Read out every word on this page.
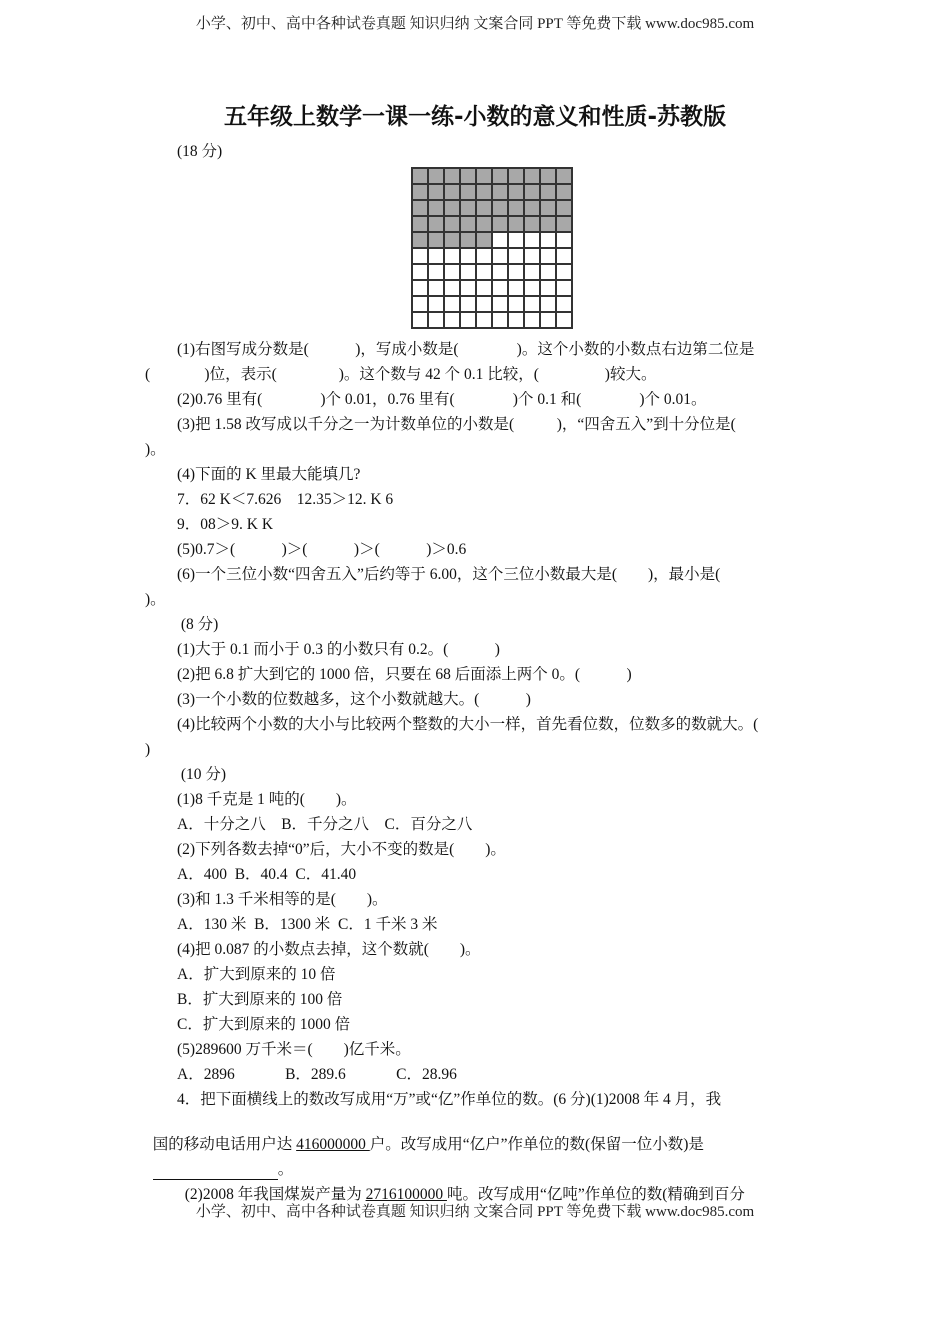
小学、初中、高中各种试卷真题 知识归纳 文案合同 PPT 等免费下载 www.doc985.com
五年级上数学一课一练-小数的意义和性质-苏教版
(18 分)
(1)右图写成分数是(            )，写成小数是(               )。这个小数的小数点右边第二位是
(              )位，表示(                )。这个数与 42 个 0.1 比较，(                 )较大。
(2)0.76 里有(               )个 0.01，0.76 里有(               )个 0.1 和(               )个 0.01。
(3)把 1.58 改写成以千分之一为计数单位的小数是(           )，“四舍五入”到十分位是(
)。
(4)下面的 K 里最大能填几?
7．62 K＜7.626    12.35＞12. K 6
9．08＞9. K K
(5)0.7＞(            )＞(            )＞(            )＞0.6
(6)一个三位小数“四舍五入”后约等于 6.00，这个三位小数最大是(        )，最小是(
)。
(8 分)
(1)大于 0.1 而小于 0.3 的小数只有 0.2。(            )
(2)把 6.8 扩大到它的 1000 倍，只要在 68 后面添上两个 0。(            )
(3)一个小数的位数越多，这个小数就越大。(            )
(4)比较两个小数的大小与比较两个整数的大小一样，首先看位数，位数多的数就大。(
)
(10 分)
(1)8 千克是 1 吨的(        )。
A．十分之八    B．千分之八    C．百分之八
(2)下列各数去掉“0”后，大小不变的数是(        )。
A．400  B．40.4  C．41.40
(3)和 1.3 千米相等的是(        )。
A．130 米  B．1300 米  C．1 千米 3 米
(4)把 0.087 的小数点去掉，这个数就(        )。
A．扩大到原来的 10 倍
B．扩大到原来的 100 倍
C．扩大到原来的 1000 倍
(5)289600 万千米＝(        )亿千米。
A．2896             B．289.6             C．28.96
4．把下面横线上的数改写成用“万”或“亿”作单位的数。(6 分)(1)2008 年 4 月，我

国的移动电话用户达 416000000 户。改写成用“亿户”作单位的数(保留一位小数)是

。

(2)2008 年我国煤炭产量为 2716100000 吨。改写成用“亿吨”作单位的数(精确到百分

小学、初中、高中各种试卷真题 知识归纳 文案合同 PPT 等免费下载 www.doc985.com
